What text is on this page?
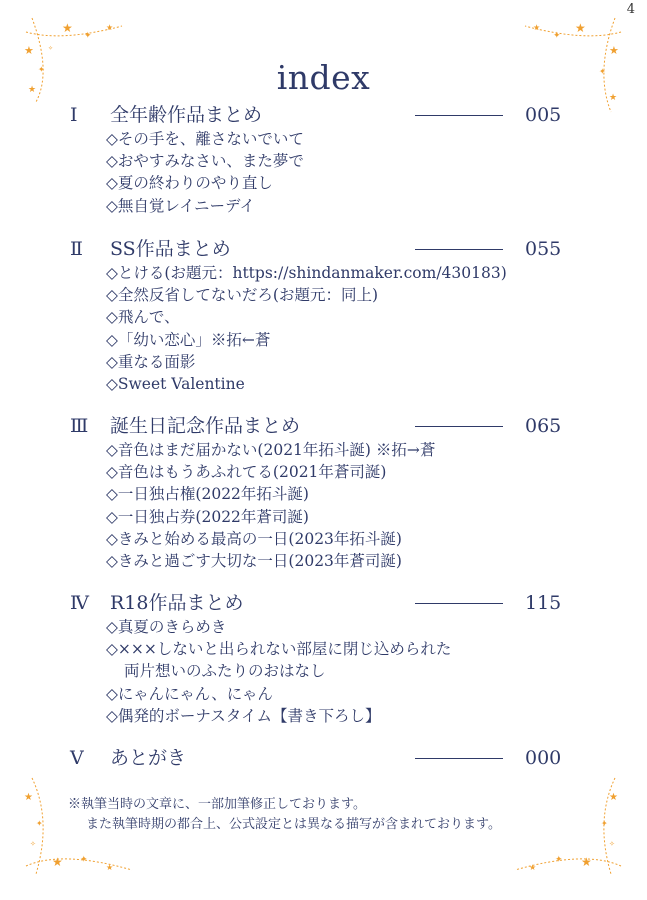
4
★
✦
★
★
✦
★
✧
★
✦
★
★
✦
★
★
✦
★ ✦
★
✧
★
✦
★
✦
★
✧
index
Ⅰ 全年齢作品まとめ	005
◇その手を、離さないでいて
◇おやすみなさい、また夢で
◇夏の終わりのやり直し
◇無自覚レイニーデイ
Ⅱ SS作品まとめ	055
◇とける(お題元：https://shindanmaker.com/430183)
◇全然反省してないだろ(お題元：同上)
◇飛んで、
◇「幼い恋心」※拓←蒼
◇重なる面影
◇Sweet Valentine
Ⅲ 誕生日記念作品まとめ	065
◇音色はまだ届かない(2021年拓斗誕) ※拓→蒼
◇音色はもうあふれてる(2021年蒼司誕)
◇一日独占権(2022年拓斗誕)
◇一日独占券(2022年蒼司誕)
◇きみと始める最高の一日(2023年拓斗誕)
◇きみと過ごす大切な一日(2023年蒼司誕)
Ⅳ R18作品まとめ	115
◇真夏のきらめき
◇×××しないと出られない部屋に閉じ込められた
両片想いのふたりのおはなし
◇にゃんにゃん、にゃん
◇偶発的ボーナスタイム【書き下ろし】
Ⅴ あとがき	000
※執筆当時の文章に、一部加筆修正しております。
また執筆時期の都合上、公式設定とは異なる描写が含まれております。
